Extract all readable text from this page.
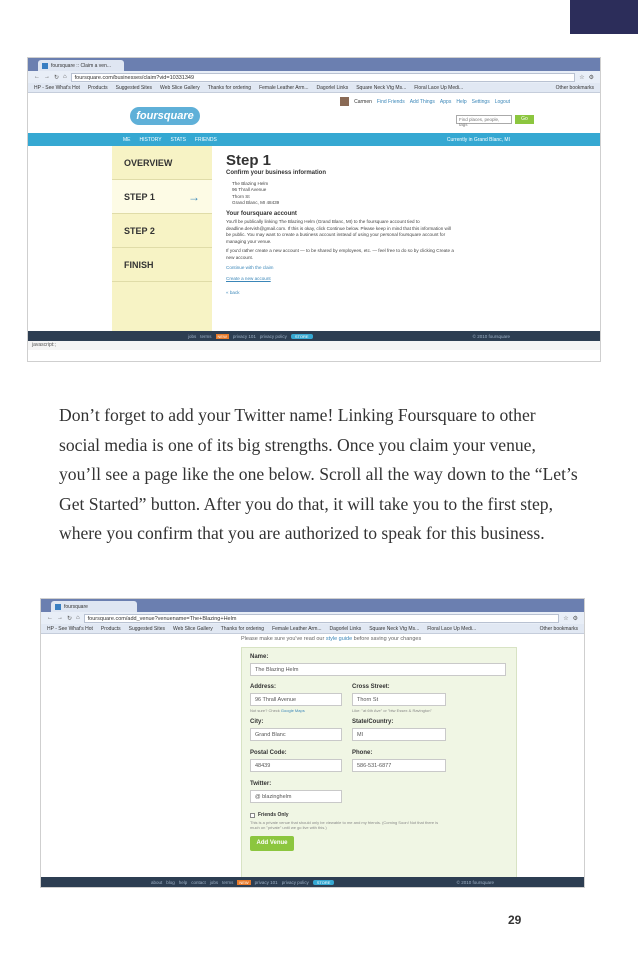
foursquare :: Claim a ven...
← → ↻ ⌂	foursquare.com/businesses/claim?vid=10331349	☆ ⚙
HP - See What's Hot Products Suggested Sites Web Slice Gallery Thanks for ordering Female Leather Arm... Dagorlel Links Square Neck Vtg Ms... Floral Lace Up Medi...	Other bookmarks
foursquare
Carmen Find Friends Add Things Apps Help Settings Logout
Find places, people, tags
Go
ME HISTORY STATS FRIENDS	Currently in Grand Blanc, MI
OVERVIEW
STEP 1	→
STEP 2
FINISH
Step 1
Confirm your business information
The Blazing Helm
96 Thrall Avenue
Thorn St
Grand Blanc, MI 48439
Your foursquare account
You'll be publically linking The Blazing Helm (Grand Blanc, MI) to the foursquare account tied to deadline.dervish@gmail.com. If this is okay, click Continue below. Please keep in mind that this information will be public. You may want to create a business account instead of using your personal foursquare account for managing your venue.
If you'd rather create a new account — to be shared by employees, etc. — feel free to do so by clicking Create a new account.
Continue with the claim
Create a new account
« back
jobs terms	NEW	privacy 101 privacy policy	STORE	© 2010 foursquare
javascript:;
Don’t forget to add your Twitter name! Linking Foursquare to other social media is one of its big strengths. Once you claim your venue, you’ll see a page like the one below. Scroll all the way down to the “Let’s Get Started” button. After you do that, it will take you to the first step, where you confirm that you are authorized to speak for this business.
foursquare
← → ↻ ⌂	foursquare.com/add_venue?venuename=The+Blazing+Helm	☆ ⚙
HP - See What's Hot Products Suggested Sites Web Slice Gallery Thanks for ordering Female Leather Arm... Dagorlel Links Square Neck Vtg Ms... Floral Lace Up Medi...	Other bookmarks
Please make sure you've read our style guide before saving your changes
Name:
The Blazing Helm
Address:
96 Thrall Avenue
Not sure? Check Google Maps
Cross Street:
Thorn St
Like: "at 6th Ave" or "btw Essex & Ravington"
City:
Grand Blanc
State/Country:
MI
Postal Code:
48439
Phone:
586-531-6877
Twitter:
@ blazinghelm
Friends Only
This is a private venue that should only be viewable to me and my friends. (Coming Soon! Not that there is much on "private" until we go live with this.)
Add Venue
about blog help contact jobs terms	NEW	privacy 101 privacy policy	STORE	© 2010 foursquare
29
